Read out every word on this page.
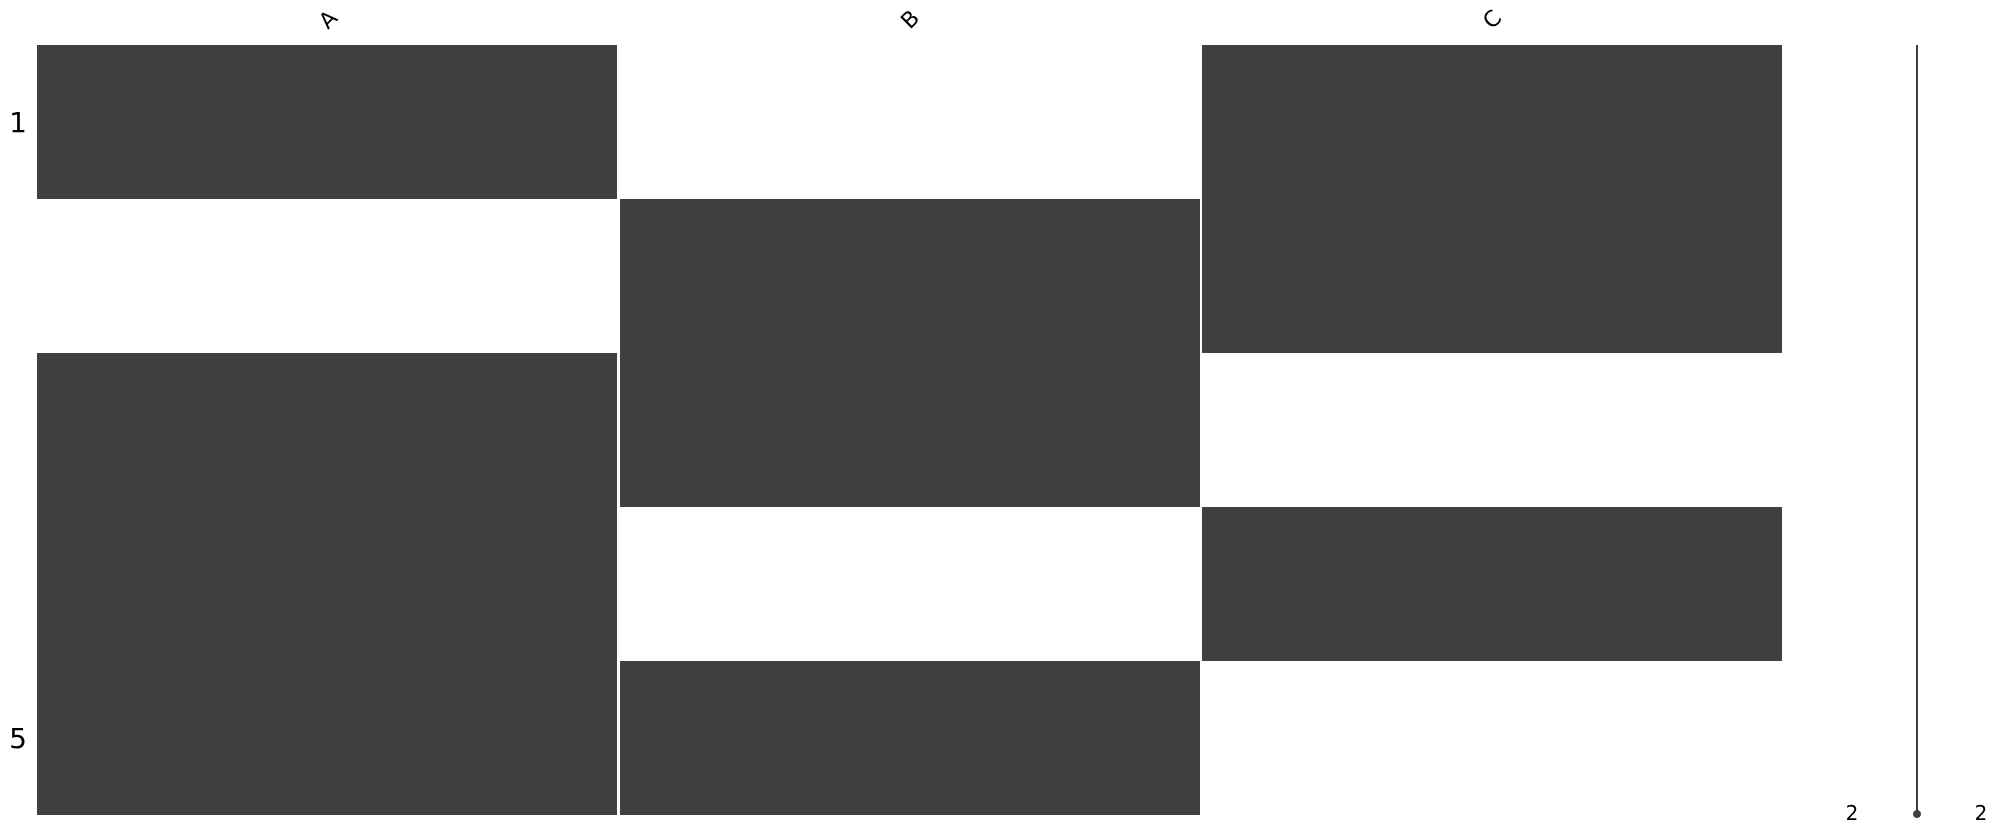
A	B	C
1
5
2	2
